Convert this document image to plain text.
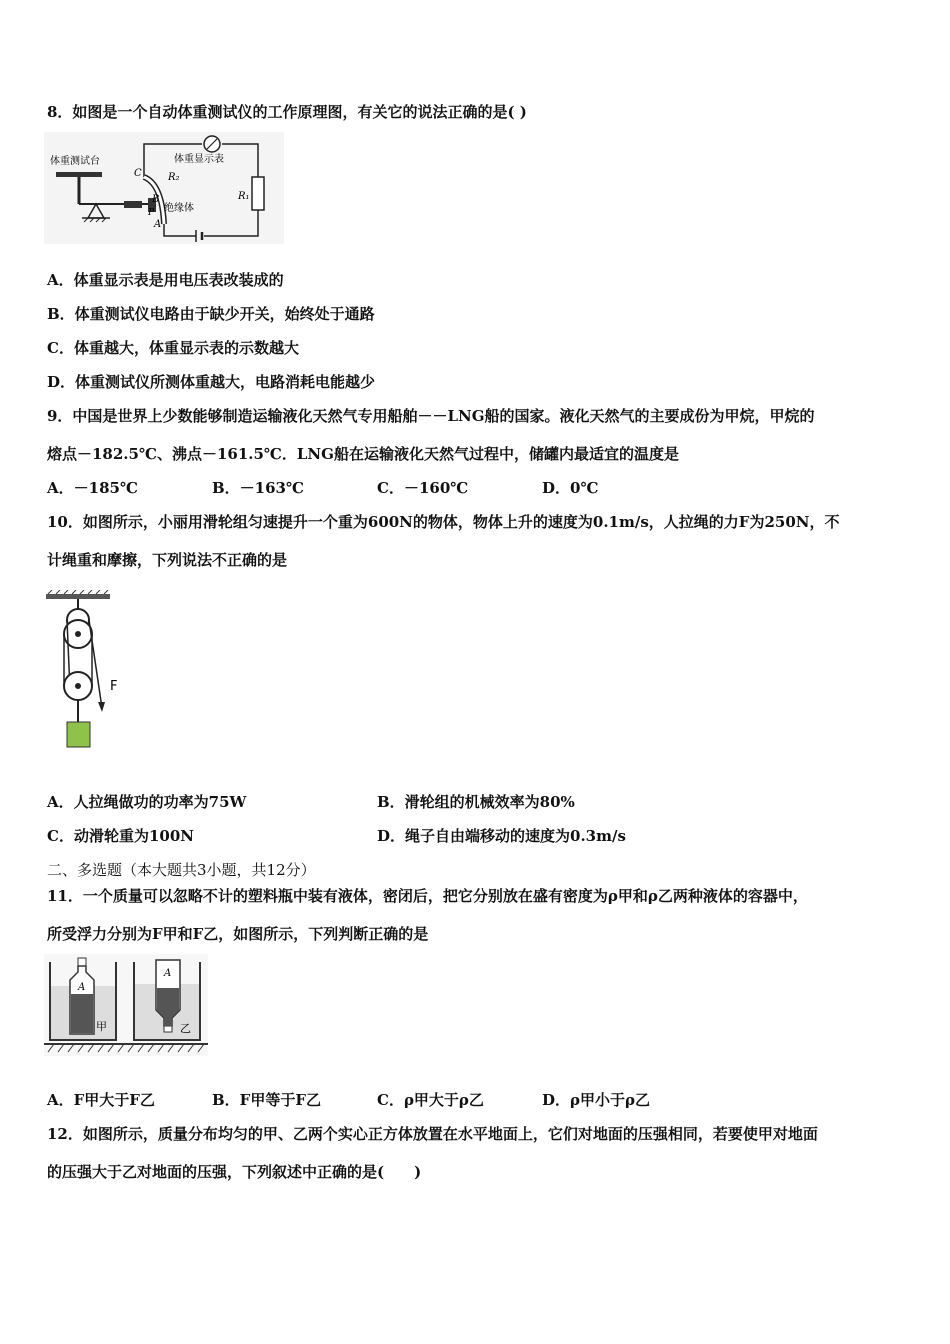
8．如图是一个自动体重测试仪的工作原理图，有关它的说法正确的是( )
体重测试台	体重显示表
绝缘体
R₁
R₂
C
B
P
A
A．体重显示表是用电压表改装成的
B．体重测试仪电路由于缺少开关，始终处于通路
C．体重越大，体重显示表的示数越大
D．体重测试仪所测体重越大，电路消耗电能越少
9．中国是世界上少数能够制造运输液化天然气专用船舶－－LNG船的国家。液化天然气的主要成份为甲烷，甲烷的
熔点－182.5℃、沸点－161.5℃．LNG船在运输液化天然气过程中，储罐内最适宜的温度是
A．－185℃	B．－163℃	C．－160℃	D．0℃
10．如图所示，小丽用滑轮组匀速提升一个重为600N的物体，物体上升的速度为0.1m/s，人拉绳的力F为250N，不
计绳重和摩擦，下列说法不正确的是
F
A．人拉绳做功的功率为75W	B．滑轮组的机械效率为80%
C．动滑轮重为100N	D．绳子自由端移动的速度为0.3m/s
二、多选题（本大题共3小题，共12分）
11．一个质量可以忽略不计的塑料瓶中装有液体，密闭后，把它分别放在盛有密度为ρ甲和ρ乙两种液体的容器中，
所受浮力分别为F甲和F乙，如图所示，下列判断正确的是
A
甲
A
乙
A．F甲大于F乙	B．F甲等于F乙	C．ρ甲大于ρ乙	D．ρ甲小于ρ乙
12．如图所示，质量分布均匀的甲、乙两个实心正方体放置在水平地面上，它们对地面的压强相同，若要使甲对地面
的压强大于乙对地面的压强，下列叙述中正确的是(　　)
